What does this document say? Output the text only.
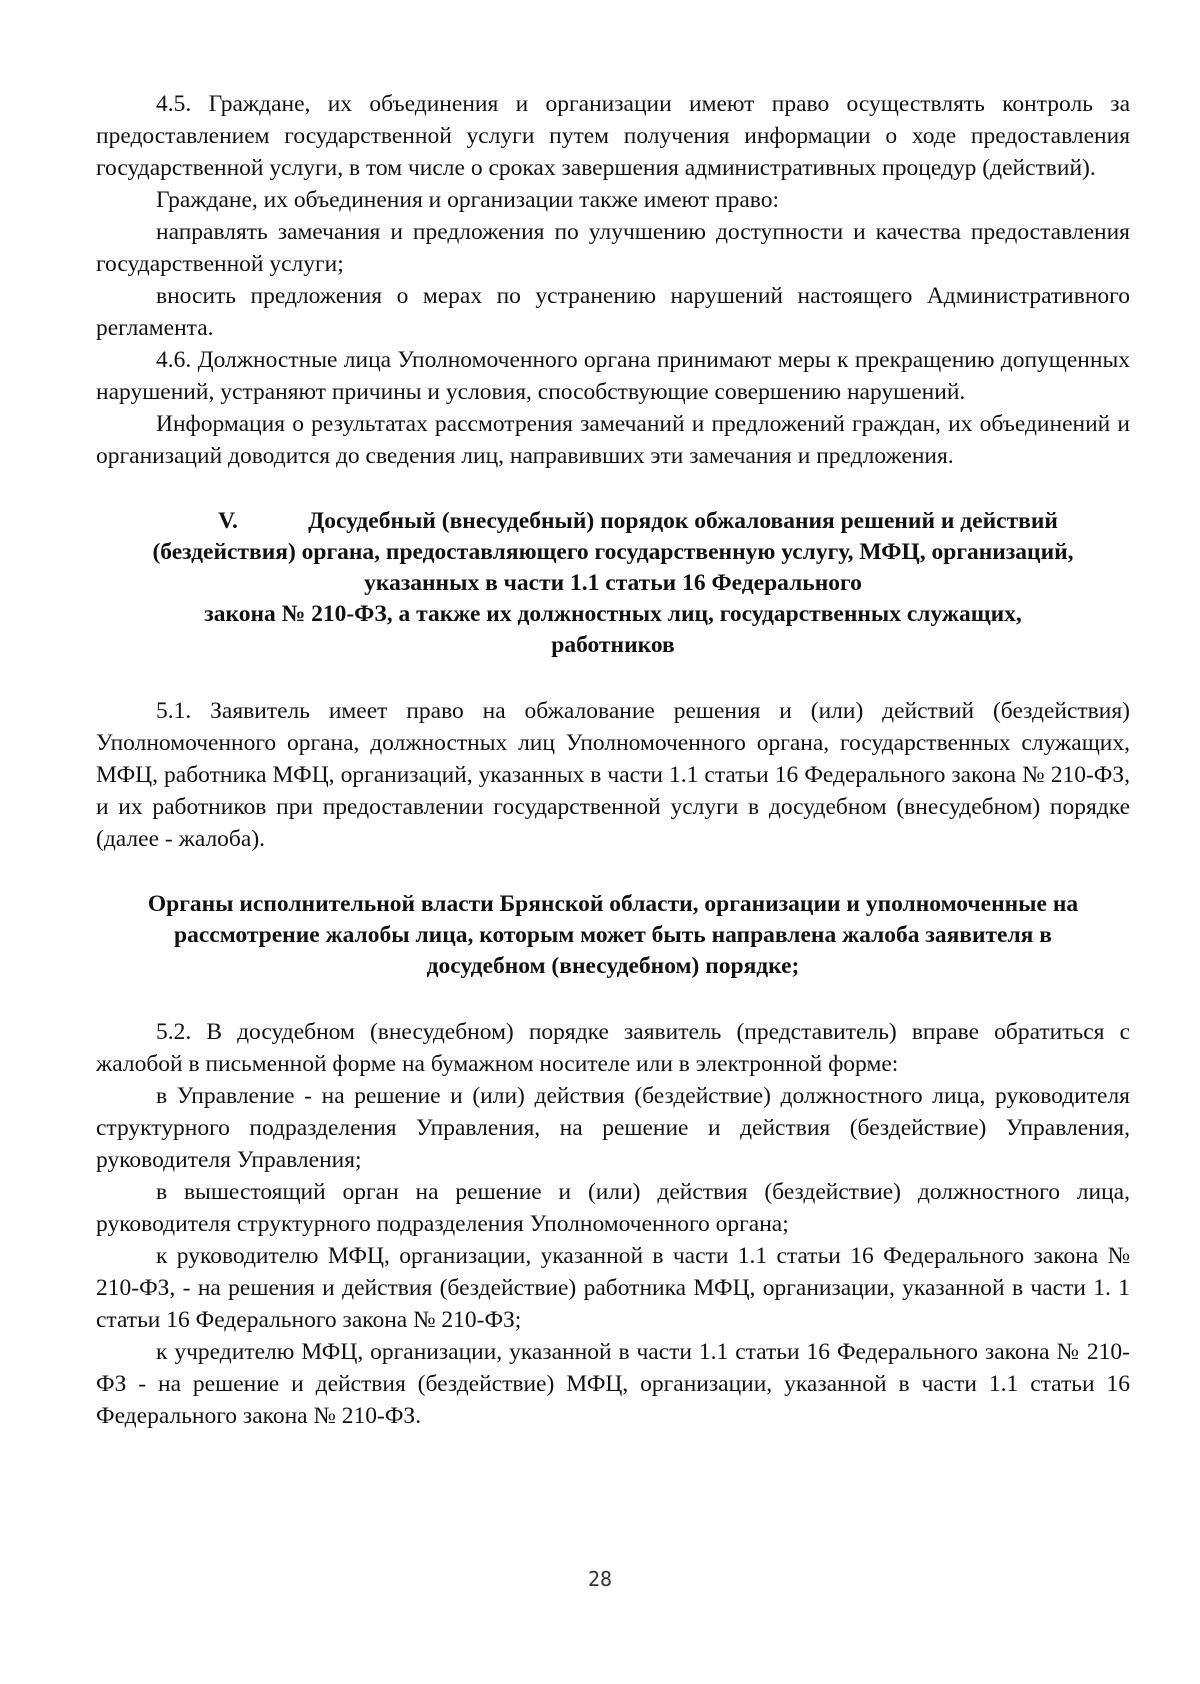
4.5. Граждане, их объединения и организации имеют право осуществлять контроль за предоставлением государственной услуги путем получения информации о ходе предоставления государственной услуги, в том числе о сроках завершения административных процедур (действий).

Граждане, их объединения и организации также имеют право:

направлять замечания и предложения по улучшению доступности и качества предоставления государственной услуги;

вносить предложения о мерах по устранению нарушений настоящего Административного регламента.

4.6. Должностные лица Уполномоченного органа принимают меры к прекращению допущенных нарушений, устраняют причины и условия, способствующие совершению нарушений.

Информация о результатах рассмотрения замечаний и предложений граждан, их объединений и организаций доводится до сведения лиц, направивших эти замечания и предложения.

V.	Досудебный (внесудебный) порядок обжалования решений и действий
(бездействия) органа, предоставляющего государственную услугу, МФЦ, организаций,
указанных в части 1.1 статьи 16 Федерального
закона № 210-ФЗ, а также их должностных лиц, государственных служащих,
работников

5.1. Заявитель имеет право на обжалование решения и (или) действий (бездействия) Уполномоченного органа, должностных лиц Уполномоченного органа, государственных служащих, МФЦ, работника МФЦ, организаций, указанных в части 1.1 статьи 16 Федерального закона № 210-ФЗ, и их работников при предоставлении государственной услуги в досудебном (внесудебном) порядке (далее - жалоба).

Органы исполнительной власти Брянской области, организации и уполномоченные на
рассмотрение жалобы лица, которым может быть направлена жалоба заявителя в
досудебном (внесудебном) порядке;

5.2. В досудебном (внесудебном) порядке заявитель (представитель) вправе обратиться с жалобой в письменной форме на бумажном носителе или в электронной форме:

в Управление - на решение и (или) действия (бездействие) должностного лица, руководителя структурного подразделения Управления, на решение и действия (бездействие) Управления, руководителя Управления;

в вышестоящий орган на решение и (или) действия (бездействие) должностного лица, руководителя структурного подразделения Уполномоченного органа;

к руководителю МФЦ, организации, указанной в части 1.1 статьи 16 Федерального закона № 210-ФЗ, - на решения и действия (бездействие) работника МФЦ, организации, указанной в части 1. 1 статьи 16 Федерального закона № 210-ФЗ;

к учредителю МФЦ, организации, указанной в части 1.1 статьи 16 Федерального закона № 210-ФЗ - на решение и действия (бездействие) МФЦ, организации, указанной в части 1.1 статьи 16 Федерального закона № 210-ФЗ.

28
